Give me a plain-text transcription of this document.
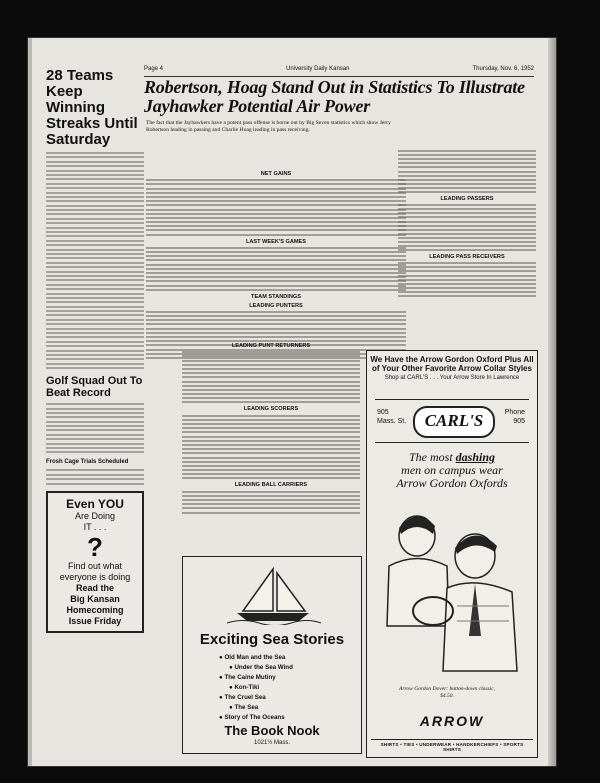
Page 4	University Daily Kansan	Thursday, Nov. 6, 1952
Robertson, Hoag Stand Out in Statistics To Illustrate Jayhawker Potential Air Power
The fact that the Jayhawkers have a potent pass offense is borne out by Big Seven statistics which show Jerry Robertson leading in passing and Charlie Hoag leading in pass receiving.
28 Teams Keep Winning Streaks Until Saturday
Golf Squad Out To Beat Record
Frosh Cage Trials Scheduled
Even YOU
Are Doing
IT . . .
?
Find out what
everyone is doing
Read the
Big Kansan
Homecoming
Issue Friday
NET GAINS
LAST WEEK'S GAMES
TEAM STANDINGS
LEADING PUNTERS
LEADING PUNT RETURNERS
LEADING SCORERS
LEADING BALL CARRIERS
LEADING PASSERS
LEADING PASS RECEIVERS
We Have the Arrow Gordon Oxford Plus All of Your Other Favorite Arrow Collar Styles
Shop at CARL'S . . . Your Arrow Store In Lawrence
905
Mass. St.	CARL'S	Phone
905
The most dashing
men on campus wear
Arrow Gordon Oxfords
Arrow Gordon Dover: button-down classic, $4.50.
ARROW
SHIRTS • TIES • UNDERWEAR • HANDKERCHIEFS • SPORTS SHIRTS
Exciting Sea Stories
● Old Man and the Sea
● Under the Sea Wind
● The Caine Mutiny
● Kon-Tiki
● The Cruel Sea
● The Sea
● Story of The Oceans
The Book Nook
1021½ Mass.
